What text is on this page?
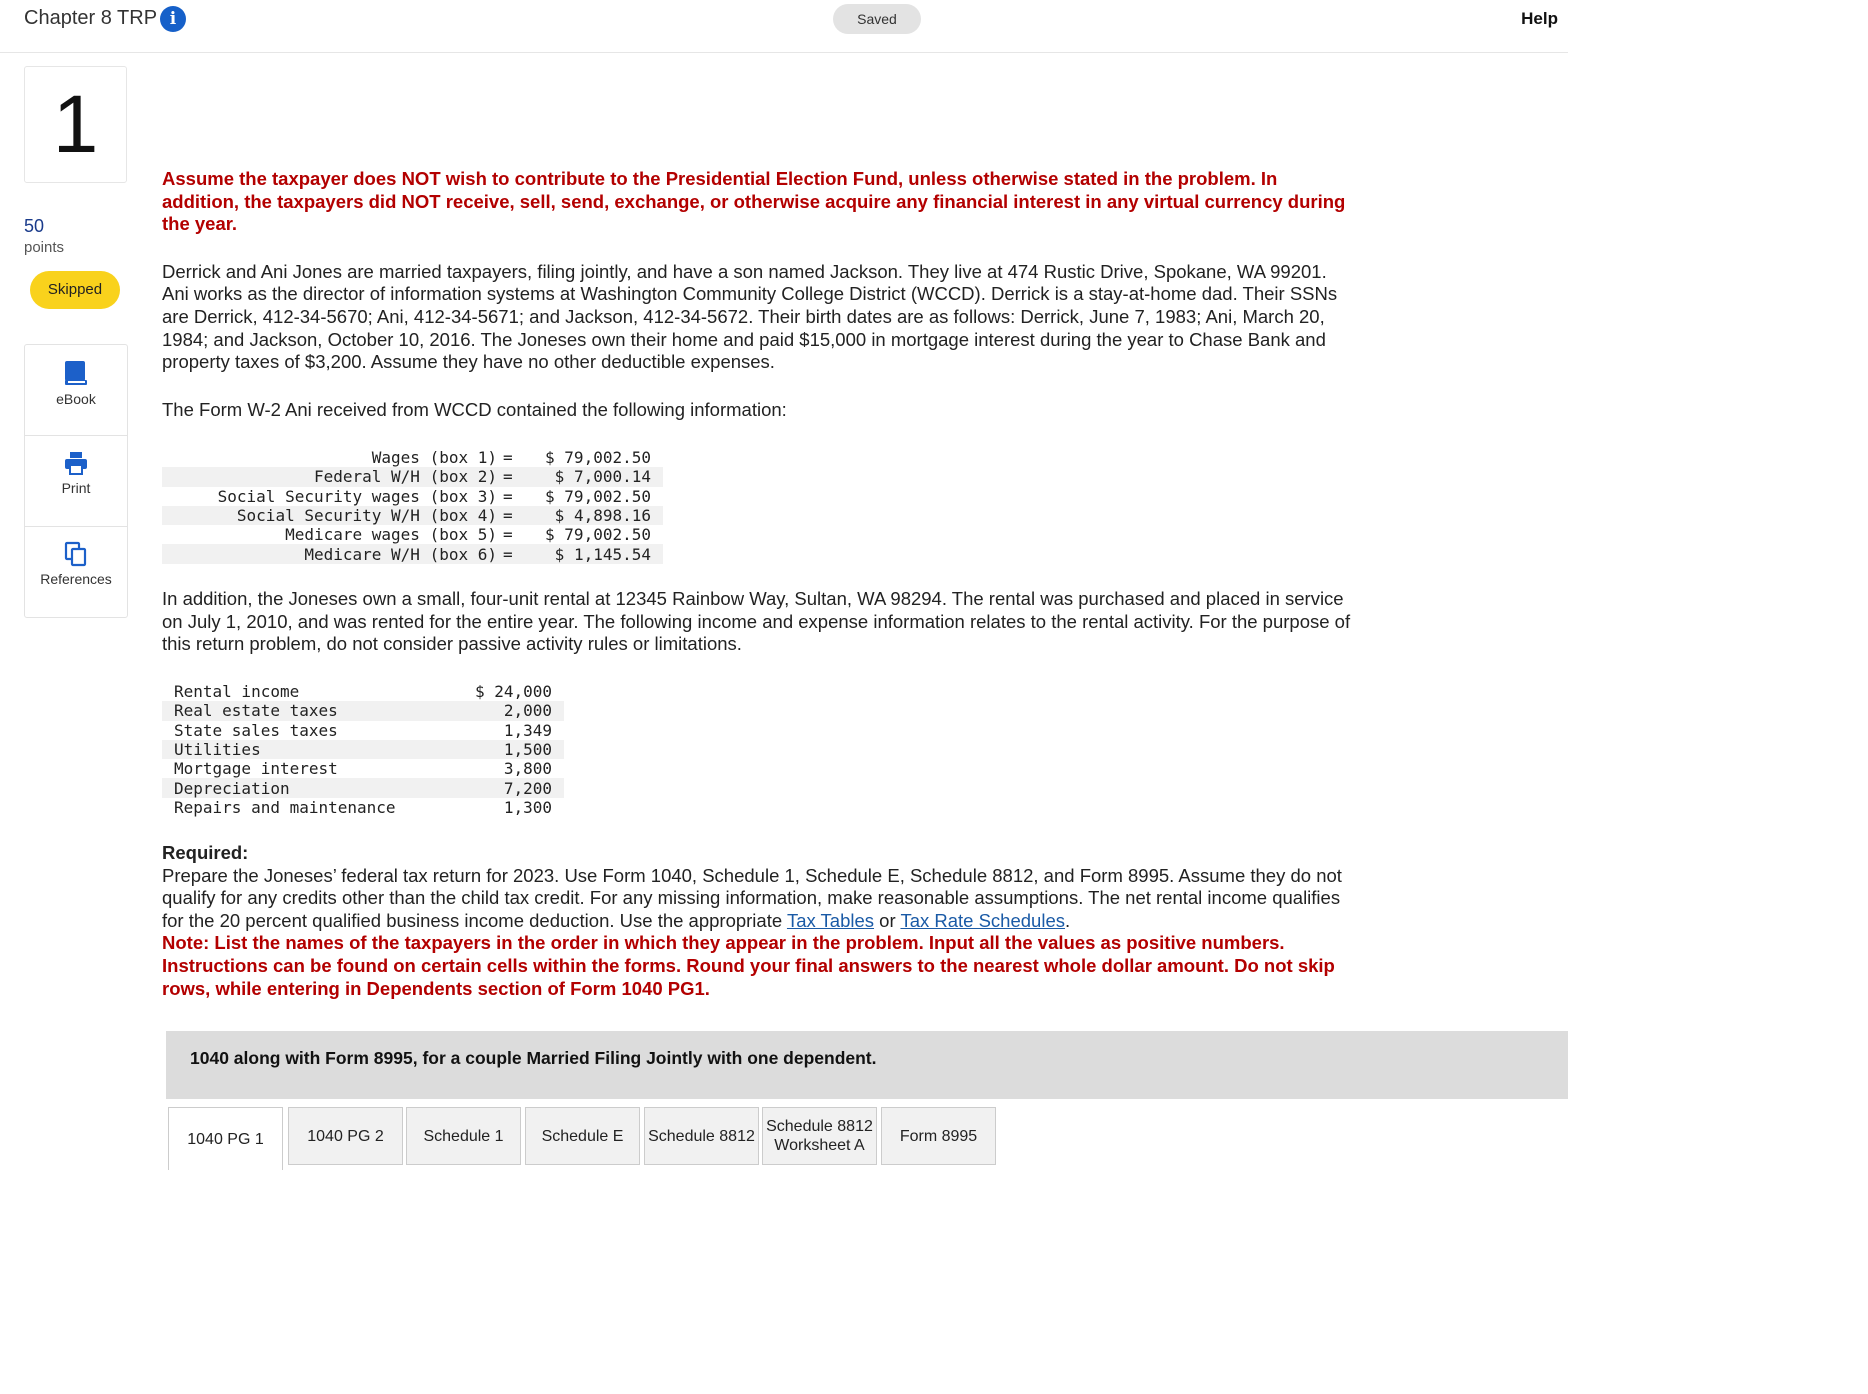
Chapter 8 TRP i	Saved	Help
1
50
points
Skipped
eBook
Print
References

Assume the taxpayer does NOT wish to contribute to the Presidential Election Fund, unless otherwise stated in the problem. In addition, the taxpayers did NOT receive, sell, send, exchange, or otherwise acquire any financial interest in any virtual currency during the year.

Derrick and Ani Jones are married taxpayers, filing jointly, and have a son named Jackson. They live at 474 Rustic Drive, Spokane, WA 99201. Ani works as the director of information systems at Washington Community College District (WCCD). Derrick is a stay-at-home dad. Their SSNs are Derrick, 412-34-5670; Ani, 412-34-5671; and Jackson, 412-34-5672. Their birth dates are as follows: Derrick, June 7, 1983; Ani, March 20, 1984; and Jackson, October 10, 2016. The Joneses own their home and paid $15,000 in mortgage interest during the year to Chase Bank and property taxes of $3,200. Assume they have no other deductible expenses.

The Form W-2 Ani received from WCCD contained the following information:

Wages (box 1)	=	$ 79,002.50
Federal W/H (box 2)	=	$ 7,000.14
Social Security wages (box 3)	=	$ 79,002.50
Social Security W/H (box 4)	=	$ 4,898.16
Medicare wages (box 5)	=	$ 79,002.50
Medicare W/H (box 6)	=	$ 1,145.54

In addition, the Joneses own a small, four-unit rental at 12345 Rainbow Way, Sultan, WA 98294. The rental was purchased and placed in service on July 1, 2010, and was rented for the entire year. The following income and expense information relates to the rental activity. For the purpose of this return problem, do not consider passive activity rules or limitations.

Rental income	$ 24,000
Real estate taxes	2,000
State sales taxes	1,349
Utilities	1,500
Mortgage interest	3,800
Depreciation	7,200
Repairs and maintenance	1,300
Required:
Prepare the Joneses’ federal tax return for 2023. Use Form 1040, Schedule 1, Schedule E, Schedule 8812, and Form 8995. Assume they do not qualify for any credits other than the child tax credit. For any missing information, make reasonable assumptions. The net rental income qualifies for the 20 percent qualified business income deduction. Use the appropriate Tax Tables or Tax Rate Schedules.
Note: List the names of the taxpayers in the order in which they appear in the problem. Input all the values as positive numbers. Instructions can be found on certain cells within the forms. Round your final answers to the nearest whole dollar amount. Do not skip rows, while entering in Dependents section of Form 1040 PG1.
1040 along with Form 8995, for a couple Married Filing Jointly with one dependent.
1040 PG 1	1040 PG 2 Schedule 1 Schedule E Schedule 8812
Schedule 8812
Worksheet A
Form 8995
